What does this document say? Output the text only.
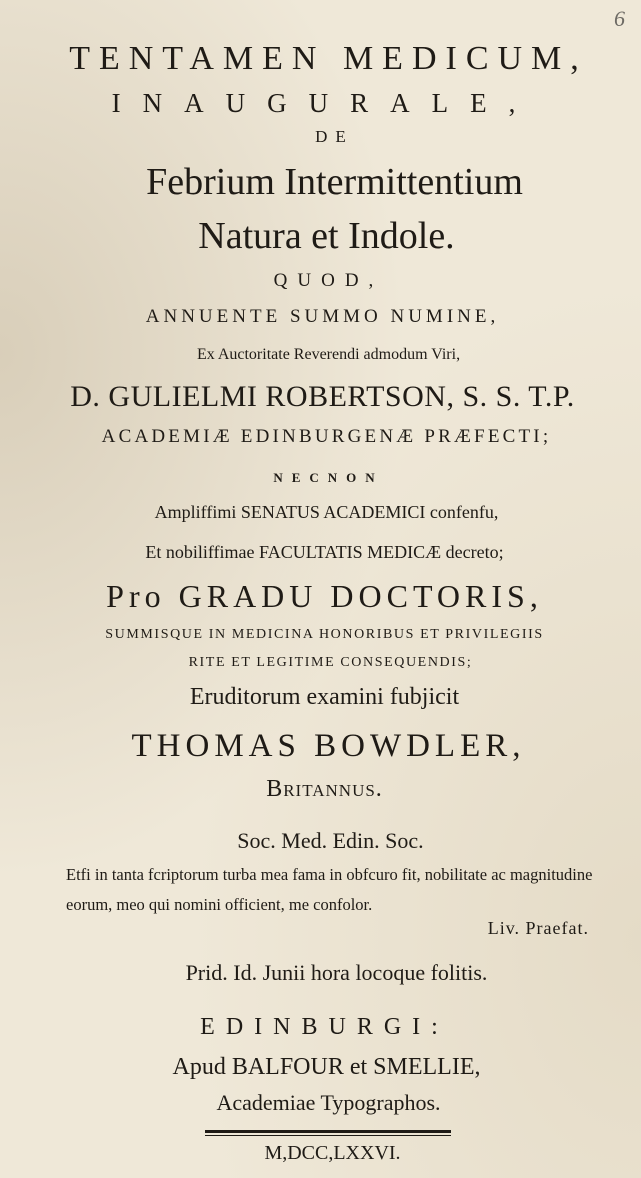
6
TENTAMEN MEDICUM,
INAUGURALE,
DE
Febrium Intermittentium
Natura et Indole.
QUOD,
ANNUENTE SUMMO NUMINE,
Ex Auctoritate Reverendi admodum Viri,
D. GULIELMI ROBERTSON, S. S. T.P.
ACADEMIÆ EDINBURGENÆ PRÆFECTI;
NECNON
Ampliffimi SENATUS ACADEMICI confenfu,
Et nobiliffimae FACULTATIS MEDICÆ decreto;
Pro GRADU DOCTORIS,
SUMMISQUE IN MEDICINA HONORIBUS ET PRIVILEGIIS
RITE ET LEGITIME CONSEQUENDIS;
Eruditorum examini fubjicit
THOMAS BOWDLER,
Britannus.
Soc. Med. Edin. Soc.
Etfi in tanta fcriptorum turba mea fama in obfcuro fit, nobilitate ac magnitudine eorum, meo qui nomini officient, me confolor.
Liv. Praefat.
Prid. Id. Junii hora locoque folitis.
EDINBURGI:
Apud BALFOUR et SMELLIE,
Academiae Typographos.
M,DCC,LXXVI.
